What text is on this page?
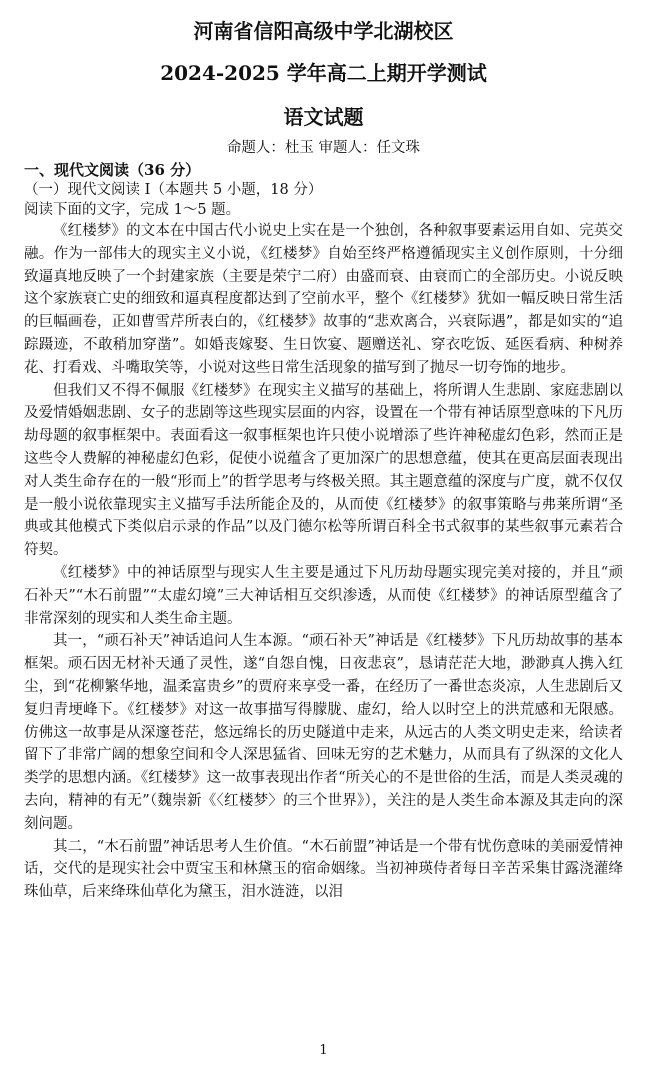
河南省信阳高级中学北湖校区

2024-2025 学年高二上期开学测试

语文试题

命题人：杜玉 审题人：任文珠

一、现代文阅读（36 分）

（一）现代文阅读 I（本题共 5 小题，18 分）

阅读下面的文字，完成 1～5 题。

《红楼梦》的文本在中国古代小说史上实在是一个独创，各种叙事要素运用自如、完英交融。作为一部伟大的现实主义小说，《红楼梦》自始至终严格遵循现实主义创作原则，十分细致逼真地反映了一个封建家族（主要是荣宁二府）由盛而衰、由衰而亡的全部历史。小说反映这个家族衰亡史的细致和逼真程度都达到了空前水平，整个《红楼梦》犹如一幅反映日常生活的巨幅画卷，正如曹雪芹所表白的，《红楼梦》故事的“悲欢离合，兴衰际遇”，都是如实的“追踪蹑迹，不敢稍加穿凿”。如婚丧嫁娶、生日饮宴、题赠送礼、穿衣吃饭、延医看病、种树养花、打看戏、斗嘴取笑等，小说对这些日常生活现象的描写到了抛尽一切夸饰的地步。

但我们又不得不佩服《红楼梦》在现实主义描写的基础上，将所谓人生悲剧、家庭悲剧以及爱情婚姻悲剧、女子的悲剧等这些现实层面的内容，设置在一个带有神话原型意味的下凡历劫母题的叙事框架中。表面看这一叙事框架也许只使小说增添了些许神秘虚幻色彩，然而正是这些令人费解的神秘虚幻色彩，促使小说蕴含了更加深广的思想意蕴，使其在更高层面表现出对人类生命存在的一般“形而上”的哲学思考与终极关照。其主题意蕴的深度与广度，就不仅仅是一般小说依靠现实主义描写手法所能企及的，从而使《红楼梦》的叙事策略与弗莱所谓“圣典或其他模式下类似启示录的作品”以及门德尔松等所谓百科全书式叙事的某些叙事元素若合符契。

《红楼梦》中的神话原型与现实人生主要是通过下凡历劫母题实现完美对接的，并且“顽石补天”“木石前盟”“太虚幻境”三大神话相互交织渗透，从而使《红楼梦》的神话原型蕴含了非常深刻的现实和人类生命主题。

其一，“顽石补天”神话追问人生本源。“顽石补天”神话是《红楼梦》下凡历劫故事的基本框架。顽石因无材补天通了灵性，遂“自怨自愧，日夜悲哀”，恳请茫茫大地，渺渺真人携入红尘，到“花柳繁华地，温柔富贵乡”的贾府来享受一番，在经历了一番世态炎凉，人生悲剧后又复归青埂峰下。《红楼梦》对这一故事描写得朦胧、虚幻，给人以时空上的洪荒感和无限感。仿佛这一故事是从深邃苍茫，悠远绵长的历史隧道中走来，从远古的人类文明史走来，给读者留下了非常广阔的想象空间和令人深思猛省、回味无穷的艺术魅力，从而具有了纵深的文化人类学的思想内涵。《红楼梦》这一故事表现出作者“所关心的不是世俗的生活，而是人类灵魂的去向，精神的有无”（魏崇新《〈红楼梦〉的三个世界》），关注的是人类生命本源及其走向的深刻问题。

其二，“木石前盟”神话思考人生价值。“木石前盟”神话是一个带有忧伤意味的美丽爱情神话，交代的是现实社会中贾宝玉和林黛玉的宿命姻缘。当初神瑛侍者每日辛苦采集甘露浇灌绛珠仙草，后来绛珠仙草化为黛玉，泪水涟涟，以泪

1
